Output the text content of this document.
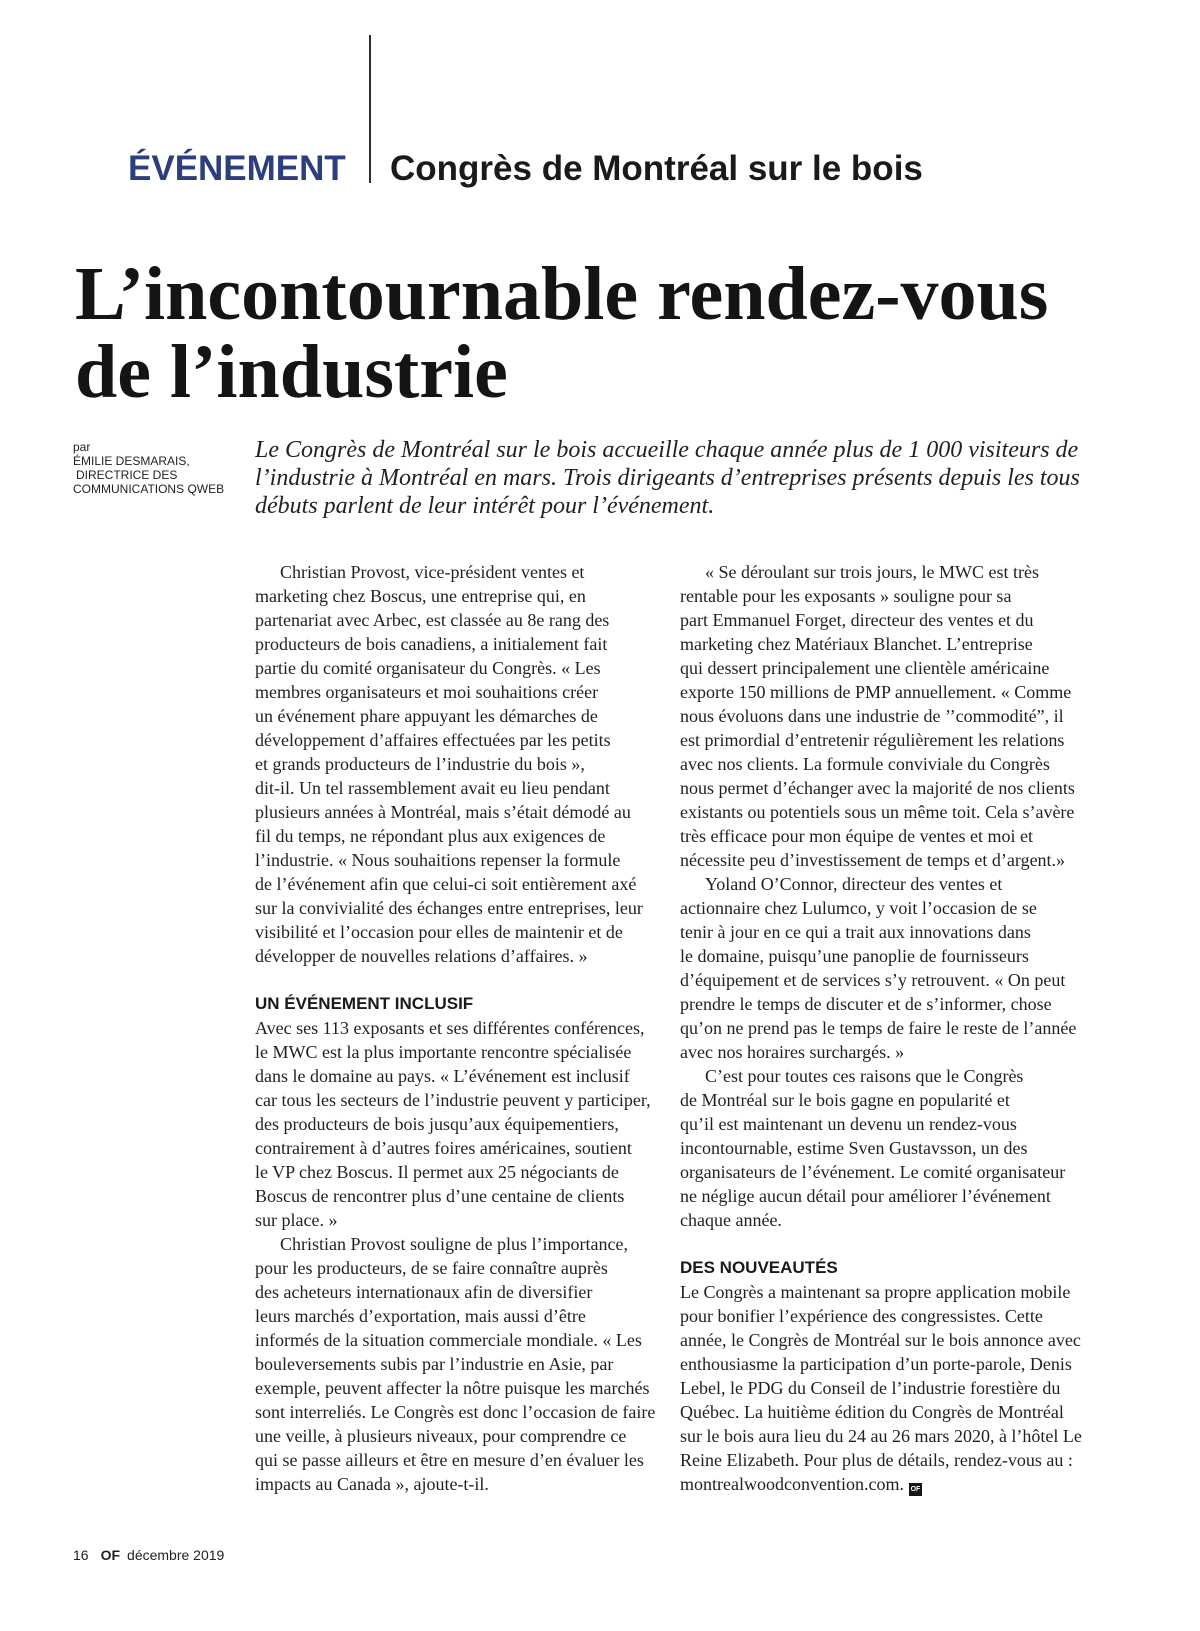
ÉVÉNEMENT Congrès de Montréal sur le bois
L’incontournable rendez-vous
de l’industrie
par
ÉMILIE DESMARAIS,
DIRECTRICE DES
COMMUNICATIONS QWEB
Le Congrès de Montréal sur le bois accueille chaque année plus de 1 000 visiteurs de
l’industrie à Montréal en mars. Trois dirigeants d’entreprises présents depuis les tous
débuts parlent de leur intérêt pour l’événement.
Christian Provost, vice-président ventes et
marketing chez Boscus, une entreprise qui, en
partenariat avec Arbec, est classée au 8e rang des
producteurs de bois canadiens, a initialement fait
partie du comité organisateur du Congrès. « Les
membres organisateurs et moi souhaitions créer
un événement phare appuyant les démarches de
développement d’affaires effectuées par les petits
et grands producteurs de l’industrie du bois »,
dit-il. Un tel rassemblement avait eu lieu pendant
plusieurs années à Montréal, mais s’était démodé au
fil du temps, ne répondant plus aux exigences de
l’industrie. « Nous souhaitions repenser la formule
de l’événement afin que celui-ci soit entièrement axé
sur la convivialité des échanges entre entreprises, leur
visibilité et l’occasion pour elles de maintenir et de
développer de nouvelles relations d’affaires. »
UN ÉVÉNEMENT INCLUSIF
Avec ses 113 exposants et ses différentes conférences,
le MWC est la plus importante rencontre spécialisée
dans le domaine au pays. « L’événement est inclusif
car tous les secteurs de l’industrie peuvent y participer,
des producteurs de bois jusqu’aux équipementiers,
contrairement à d’autres foires américaines, soutient
le VP chez Boscus. Il permet aux 25 négociants de
Boscus de rencontrer plus d’une centaine de clients
sur place. »
Christian Provost souligne de plus l’importance,
pour les producteurs, de se faire connaître auprès
des acheteurs internationaux afin de diversifier
leurs marchés d’exportation, mais aussi d’être
informés de la situation commerciale mondiale. « Les
bouleversements subis par l’industrie en Asie, par
exemple, peuvent affecter la nôtre puisque les marchés
sont interreliés. Le Congrès est donc l’occasion de faire
une veille, à plusieurs niveaux, pour comprendre ce
qui se passe ailleurs et être en mesure d’en évaluer les
impacts au Canada », ajoute-t-il.
« Se déroulant sur trois jours, le MWC est très
rentable pour les exposants » souligne pour sa
part Emmanuel Forget, directeur des ventes et du
marketing chez Matériaux Blanchet. L’entreprise
qui dessert principalement une clientèle américaine
exporte 150 millions de PMP annuellement. « Comme
nous évoluons dans une industrie de ’’commodité”, il
est primordial d’entretenir régulièrement les relations
avec nos clients. La formule conviviale du Congrès
nous permet d’échanger avec la majorité de nos clients
existants ou potentiels sous un même toit. Cela s’avère
très efficace pour mon équipe de ventes et moi et
nécessite peu d’investissement de temps et d’argent.»
Yoland O’Connor, directeur des ventes et
actionnaire chez Lulumco, y voit l’occasion de se
tenir à jour en ce qui a trait aux innovations dans
le domaine, puisqu’une panoplie de fournisseurs
d’équipement et de services s’y retrouvent. « On peut
prendre le temps de discuter et de s’informer, chose
qu’on ne prend pas le temps de faire le reste de l’année
avec nos horaires surchargés. »
C’est pour toutes ces raisons que le Congrès
de Montréal sur le bois gagne en popularité et
qu’il est maintenant un devenu un rendez-vous
incontournable, estime Sven Gustavsson, un des
organisateurs de l’événement. Le comité organisateur
ne néglige aucun détail pour améliorer l’événement
chaque année.
DES NOUVEAUTÉS
Le Congrès a maintenant sa propre application mobile
pour bonifier l’expérience des congressistes. Cette
année, le Congrès de Montréal sur le bois annonce avec
enthousiasme la participation d’un porte-parole, Denis
Lebel, le PDG du Conseil de l’industrie forestière du
Québec. La huitième édition du Congrès de Montréal
sur le bois aura lieu du 24 au 26 mars 2020, à l’hôtel Le
Reine Elizabeth. Pour plus de détails, rendez-vous au :
montrealwoodconvention.com. OF
16 OF décembre 2019
